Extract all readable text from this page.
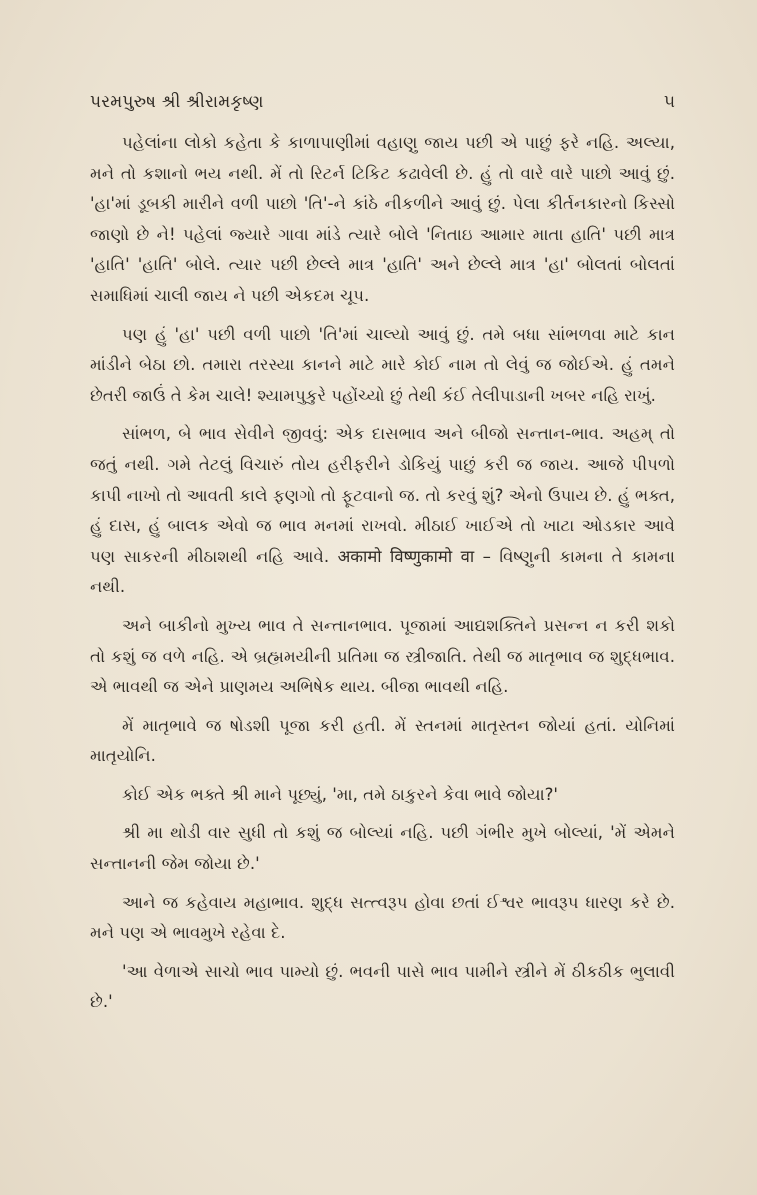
પરમપુરુષ શ્રી શ્રીરામકૃષ્ણ	૫

પહેલાંના લોકો કહેતા કે કાળાપાણીમાં વહાણુ જાય પછી એ પાછું ફરે નહિ. અલ્યા, મને તો કશાનો ભય નથી. મેં તો રિટર્ન ટિકિટ કઢાવેલી છે. હું તો વારે વારે પાછો આવું છું. 'હા'માં ડૂબકી મારીને વળી પાછો 'તિ'-ને કાંઠે નીકળીને આવું છું. પેલા કીર્તનકારનો કિસ્સો જાણો છે ને! પહેલાં જ્યારે ગાવા માંડે ત્યારે બોલે 'નિતાઇ આમાર માતા હાતિ' પછી માત્ર 'હાતિ' 'હાતિ' બોલે. ત્યાર પછી છેલ્લે માત્ર 'હાતિ' અને છેલ્લે માત્ર 'હા' બોલતાં બોલતાં સમાધિમાં ચાલી જાય ને પછી એકદમ ચૂપ.

પણ હું 'હા' પછી વળી પાછો 'તિ'માં ચાલ્યો આવું છું. તમે બધા સાંભળવા માટે કાન માંડીને બેઠા છો. તમારા તરસ્યા કાનને માટે મારે કોઈ નામ તો લેવું જ જોઈએ. હું તમને છેતરી જાઉં તે કેમ ચાલે! શ્યામપુકુરે પહોંચ્યો છું તેથી કંઈ તેલીપાડાની ખબર નહિ રાખું.

સાંભળ, બે ભાવ સેવીને જીવવું: એક દાસભાવ અને બીજો સન્તાન-ભાવ. અહમ્ તો જતું નથી. ગમે તેટલું વિચારું તોય હરીફરીને ડોકિયું પાછું કરી જ જાય. આજે પીપળો કાપી નાખો તો આવતી કાલે ફણગો તો ફૂટવાનો જ. તો કરવું શું? એનો ઉપાય છે. હું ભક્ત, હું દાસ, હું બાલક એવો જ ભાવ મનમાં રાખવો. મીઠાઈ ખાઈએ તો ખાટા ઓડકાર આવે પણ સાકરની મીઠાશથી નહિ આવે. अकामो विष्णुकामो वा – વિષ્ણુની કામના તે કામના નથી.

અને બાકીનો મુખ્ય ભાવ તે સન્તાનભાવ. પૂજામાં આદ્યશક્તિને પ્રસન્ન ન કરી શકો તો કશું જ વળે નહિ. એ બ્રહ્મમયીની પ્રતિમા જ સ્ત્રીજાતિ. તેથી જ માતૃભાવ જ શુદ્ધભાવ. એ ભાવથી જ એને પ્રાણમય અભિષેક થાય. બીજા ભાવથી નહિ.

મેં માતૃભાવે જ ષોડશી પૂજા કરી હતી. મેં સ્તનમાં માતૃસ્તન જોયાં હતાં. યોનિમાં માતૃયોનિ.

કોઈ એક ભક્તે શ્રી માને પૂછ્યું, 'મા, તમે ઠાકુરને કેવા ભાવે જોયા?'

શ્રી મા થોડી વાર સુધી તો કશું જ બોલ્યાં નહિ. પછી ગંભીર મુખે બોલ્યાં, 'મેં એમને સન્તાનની જેમ જોયા છે.'

આને જ કહેવાય મહાભાવ. શુદ્ધ સત્ત્વરૂપ હોવા છતાં ઈશ્વર ભાવરૂપ ધારણ કરે છે. મને પણ એ ભાવમુખે રહેવા દે.

'આ વેળાએ સાચો ભાવ પામ્યો છું. ભવની પાસે ભાવ પામીને સ્ત્રીને મેં ઠીકઠીક ભુલાવી છે.'
